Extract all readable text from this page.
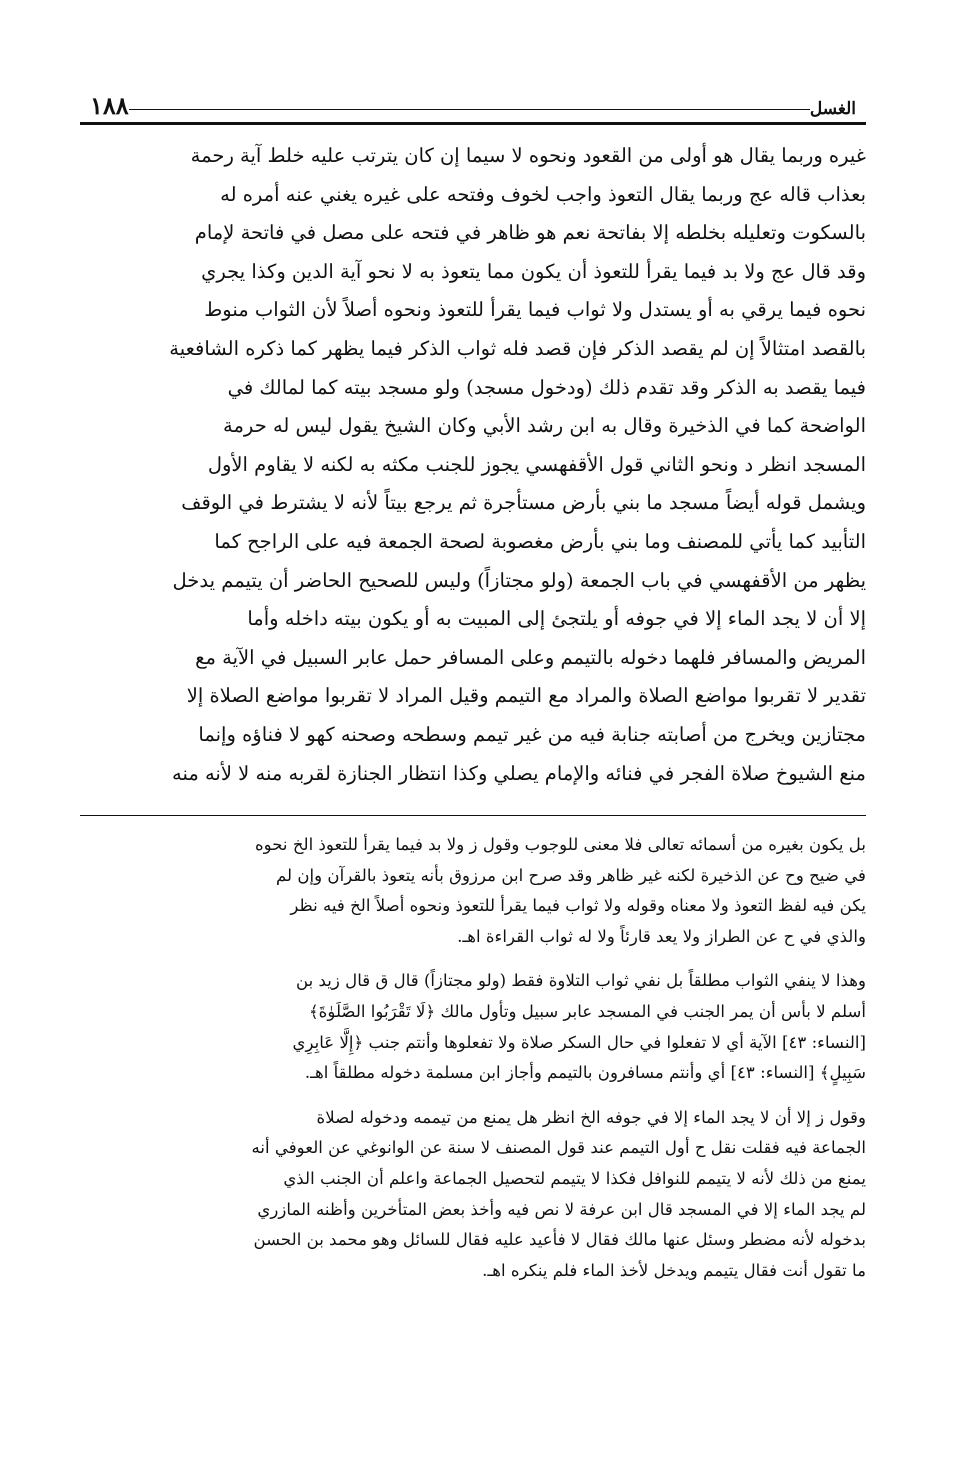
الغسل
١٨٨
غيره وربما يقال هو أولى من القعود ونحوه لا سيما إن كان يترتب عليه خلط آية رحمة
بعذاب قاله عج وربما يقال التعوذ واجب لخوف وفتحه على غيره يغني عنه أمره له
بالسكوت وتعليله بخلطه إلا بفاتحة نعم هو ظاهر في فتحه على مصل في فاتحة لإمام
وقد قال عج ولا بد فيما يقرأ للتعوذ أن يكون مما يتعوذ به لا نحو آية الدين وكذا يجري
نحوه فيما يرقي به أو يستدل ولا ثواب فيما يقرأ للتعوذ ونحوه أصلاً لأن الثواب منوط
بالقصد امتثالاً إن لم يقصد الذكر فإن قصد فله ثواب الذكر فيما يظهر كما ذكره الشافعية
فيما يقصد به الذكر وقد تقدم ذلك (ودخول مسجد) ولو مسجد بيته كما لمالك في
الواضحة كما في الذخيرة وقال به ابن رشد الأبي وكان الشيخ يقول ليس له حرمة
المسجد انظر د ونحو الثاني قول الأقفهسي يجوز للجنب مكثه به لكنه لا يقاوم الأول
ويشمل قوله أيضاً مسجد ما بني بأرض مستأجرة ثم يرجع بيتاً لأنه لا يشترط في الوقف
التأبيد كما يأتي للمصنف وما بني بأرض مغصوبة لصحة الجمعة فيه على الراجح كما
يظهر من الأقفهسي في باب الجمعة (ولو مجتازاً) وليس للصحيح الحاضر أن يتيمم يدخل
إلا أن لا يجد الماء إلا في جوفه أو يلتجئ إلى المبيت به أو يكون بيته داخله وأما
المريض والمسافر فلهما دخوله بالتيمم وعلى المسافر حمل عابر السبيل في الآية مع
تقدير لا تقربوا مواضع الصلاة والمراد مع التيمم وقيل المراد لا تقربوا مواضع الصلاة إلا
مجتازين ويخرج من أصابته جنابة فيه من غير تيمم وسطحه وصحنه كهو لا فناؤه وإنما
منع الشيوخ صلاة الفجر في فنائه والإمام يصلي وكذا انتظار الجنازة لقربه منه لا لأنه منه
بل يكون بغيره من أسمائه تعالى فلا معنى للوجوب وقول ز ولا بد فيما يقرأ للتعوذ الخ نحوه
في ضيح وح عن الذخيرة لكنه غير ظاهر وقد صرح ابن مرزوق بأنه يتعوذ بالقرآن وإن لم
يكن فيه لفظ التعوذ ولا معناه وقوله ولا ثواب فيما يقرأ للتعوذ ونحوه أصلاً الخ فيه نظر
والذي في ح عن الطراز ولا يعد قارئاً ولا له ثواب القراءة اهـ.
وهذا لا ينفي الثواب مطلقاً بل نفي ثواب التلاوة فقط (ولو مجتازاً) قال ق قال زيد بن
أسلم لا بأس أن يمر الجنب في المسجد عابر سبيل وتأول مالك ﴿لَا تَقْرَبُوا الصَّلَوٰةَ﴾
[النساء: ٤٣] الآية أي لا تفعلوا في حال السكر صلاة ولا تفعلوها وأنتم جنب ﴿إِلَّا عَابِرِي
سَبِيلٍ﴾ [النساء: ٤٣] أي وأنتم مسافرون بالتيمم وأجاز ابن مسلمة دخوله مطلقاً اهـ.
وقول ز إلا أن لا يجد الماء إلا في جوفه الخ انظر هل يمنع من تيممه ودخوله لصلاة
الجماعة فيه فقلت نقل ح أول التيمم عند قول المصنف لا سنة عن الوانوغي عن العوفي أنه
يمنع من ذلك لأنه لا يتيمم للنوافل فكذا لا يتيمم لتحصيل الجماعة واعلم أن الجنب الذي
لم يجد الماء إلا في المسجد قال ابن عرفة لا نص فيه وأخذ بعض المتأخرين وأظنه المازري
بدخوله لأنه مضطر وسئل عنها مالك فقال لا فأعيد عليه فقال للسائل وهو محمد بن الحسن
ما تقول أنت فقال يتيمم ويدخل لأخذ الماء فلم ينكره اهـ.
